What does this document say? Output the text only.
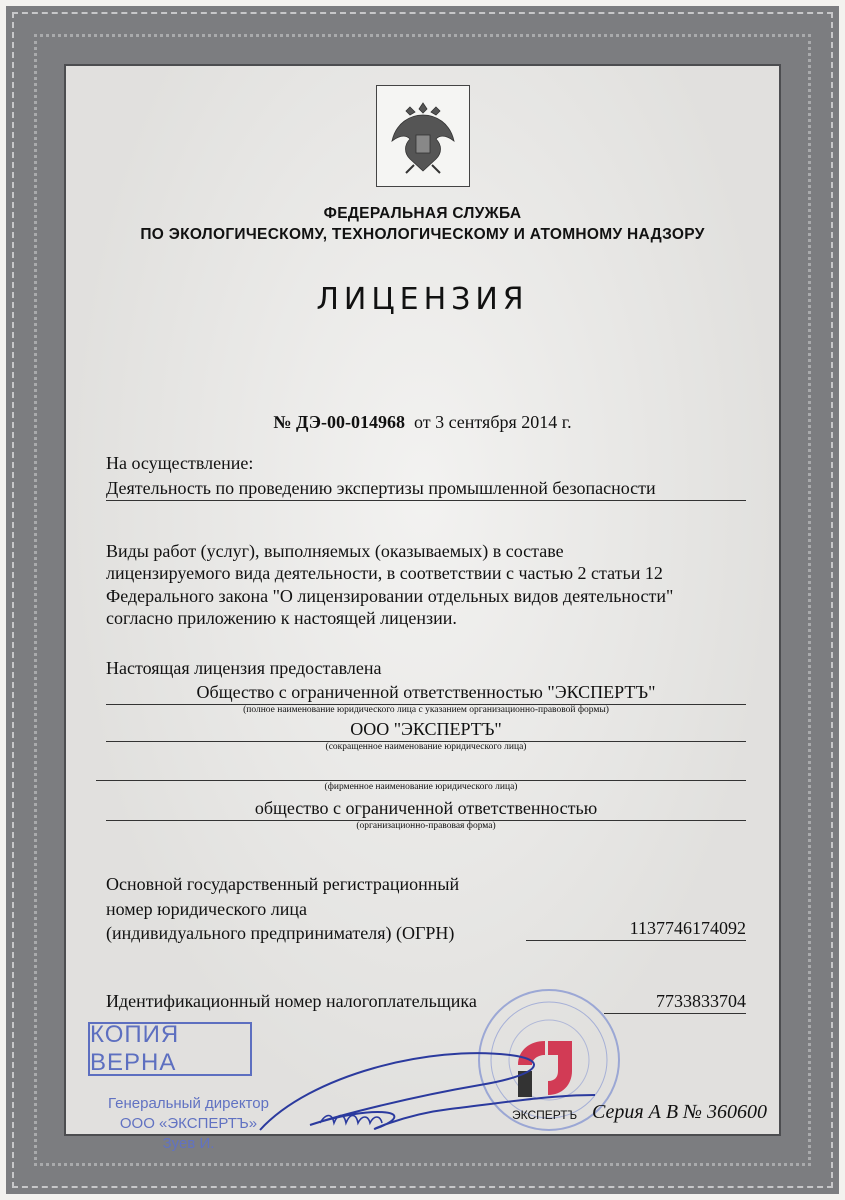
ФЕДЕРАЛЬНАЯ СЛУЖБА
ПО ЭКОЛОГИЧЕСКОМУ, ТЕХНОЛОГИЧЕСКОМУ И АТОМНОМУ НАДЗОРУ
ЛИЦЕНЗИЯ
№ ДЭ-00-014968 от 3 сентября 2014 г.
На осуществление:
Деятельность по проведению экспертизы промышленной безопасности
Виды работ (услуг), выполняемых (оказываемых) в составе
лицензируемого вида деятельности, в соответствии с частью 2 статьи 12
Федерального закона "О лицензировании отдельных видов деятельности"
согласно приложению к настоящей лицензии.
Настоящая лицензия предоставлена
Общество с ограниченной ответственностью "ЭКСПЕРТЪ"
(полное наименование юридического лица с указанием организационно-правовой формы)
ООО "ЭКСПЕРТЪ"
(сокращенное наименование юридического лица)
(фирменное наименование юридического лица)
общество с ограниченной ответственностью
(организационно-правовая форма)
Основной государственный регистрационный
номер юридического лица
(индивидуального предпринимателя) (ОГРН)	1137746174092
Идентификационный номер налогоплательщика	7733833704
ЭКСПЕРТЪ Серия А В № 360600
КОПИЯ ВЕРНА
Генеральный директор
ООО «ЭКСПЕРТЪ»
Зуев И.
